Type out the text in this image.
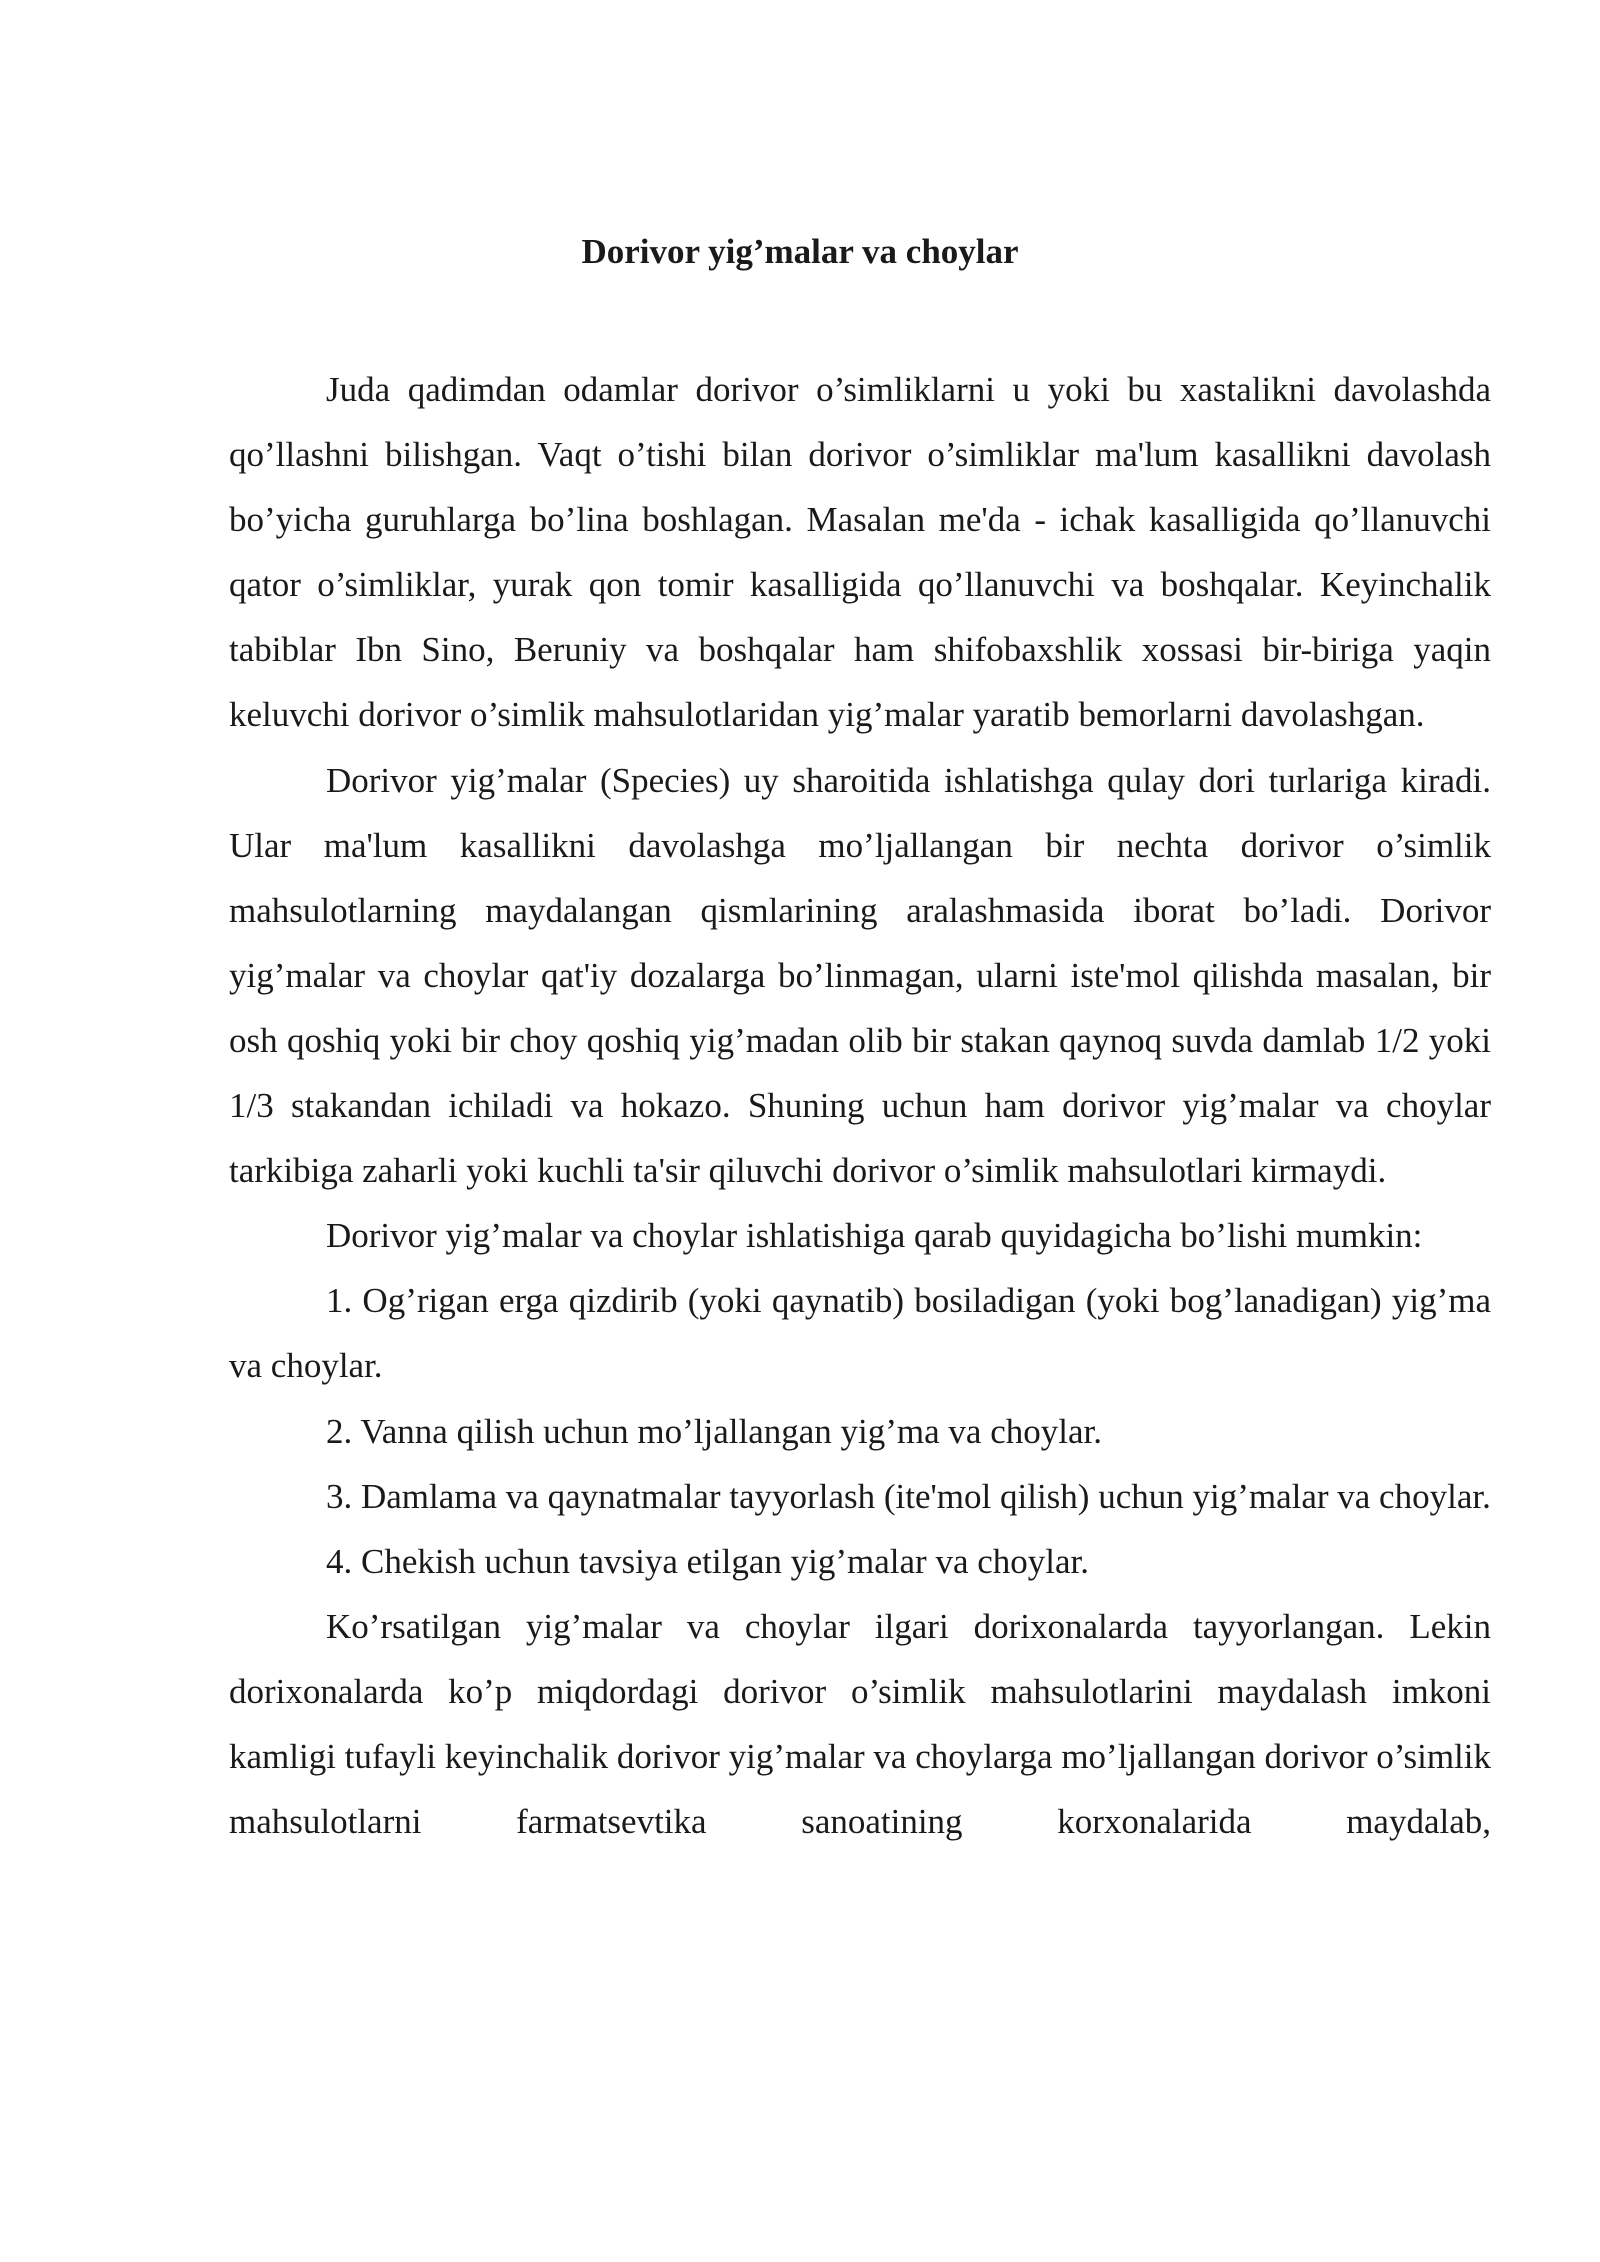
Dorivor yig’malar va choylar

Juda qadimdan odamlar dorivor o’simliklarni u yoki bu xastalikni davolashda qo’llashni bilishgan. Vaqt o’tishi bilan dorivor o’simliklar ma'lum kasallikni davolash bo’yicha guruhlarga bo’lina boshlagan. Masalan me'da - ichak kasalligida qo’llanuvchi qator o’simliklar, yurak qon tomir kasalligida qo’llanuvchi va boshqalar. Keyinchalik tabiblar Ibn Sino, Beruniy va boshqalar ham shifobaxshlik xossasi bir-biriga yaqin keluvchi dorivor o’simlik mahsulotlaridan yig’malar yaratib bemorlarni davolashgan.

Dorivor yig’malar (Species) uy sharoitida ishlatishga qulay dori turlariga kiradi. Ular ma'lum kasallikni davolashga mo’ljallangan bir nechta dorivor o’simlik mahsulotlarning maydalangan qismlarining aralashmasida iborat bo’ladi. Dorivor yig’malar va choylar qat'iy dozalarga bo’linmagan, ularni iste'mol qilishda masalan, bir osh qoshiq yoki bir choy qoshiq yig’madan olib bir stakan qaynoq suvda damlab 1/2 yoki 1/3 stakandan ichiladi va hokazo. Shuning uchun ham dorivor yig’malar va choylar tarkibiga zaharli yoki kuchli ta'sir qiluvchi dorivor o’simlik mahsulotlari kirmaydi.

Dorivor yig’malar va choylar ishlatishiga qarab quyidagicha bo’lishi mumkin:

1. Og’rigan erga qizdirib (yoki qaynatib) bosiladigan (yoki bog’lanadigan) yig’ma va choylar.

2. Vanna qilish uchun mo’ljallangan yig’ma va choylar.

3. Damlama va qaynatmalar tayyorlash (ite'mol qilish) uchun yig’malar va choylar.

4. Chekish uchun tavsiya etilgan yig’malar va choylar.

Ko’rsatilgan yig’malar va choylar ilgari dorixonalarda tayyorlangan. Lekin dorixonalarda ko’p miqdordagi dorivor o’simlik mahsulotlarini maydalash imkoni kamligi tufayli keyinchalik dorivor yig’malar va choylarga mo’ljallangan dorivor o’simlik mahsulotlarni farmatsevtika sanoatining korxonalarida maydalab,
